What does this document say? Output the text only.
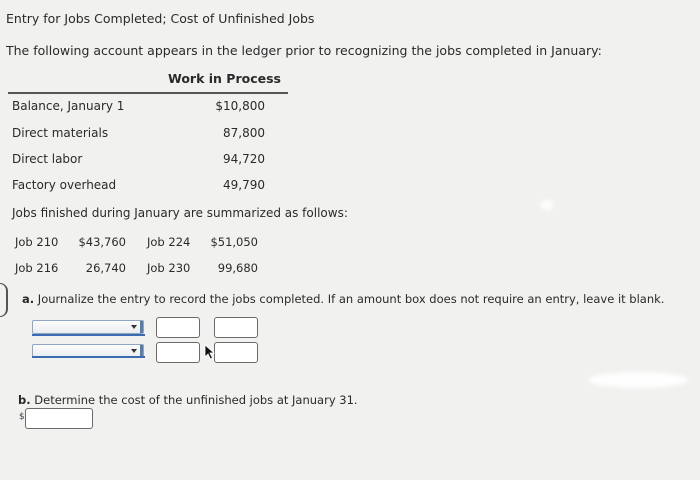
Entry for Jobs Completed; Cost of Unfinished Jobs
The following account appears in the ledger prior to recognizing the jobs completed in January:
Work in Process
Balance, January 1	$10,800
Direct materials	87,800
Direct labor	94,720
Factory overhead	49,790
Jobs finished during January are summarized as follows:
Job 210 $43,760 Job 224 $51,050
Job 216 26,740 Job 230 99,680
a. Journalize the entry to record the jobs completed. If an amount box does not require an entry, leave it blank.
b. Determine the cost of the unfinished jobs at January 31.
$
